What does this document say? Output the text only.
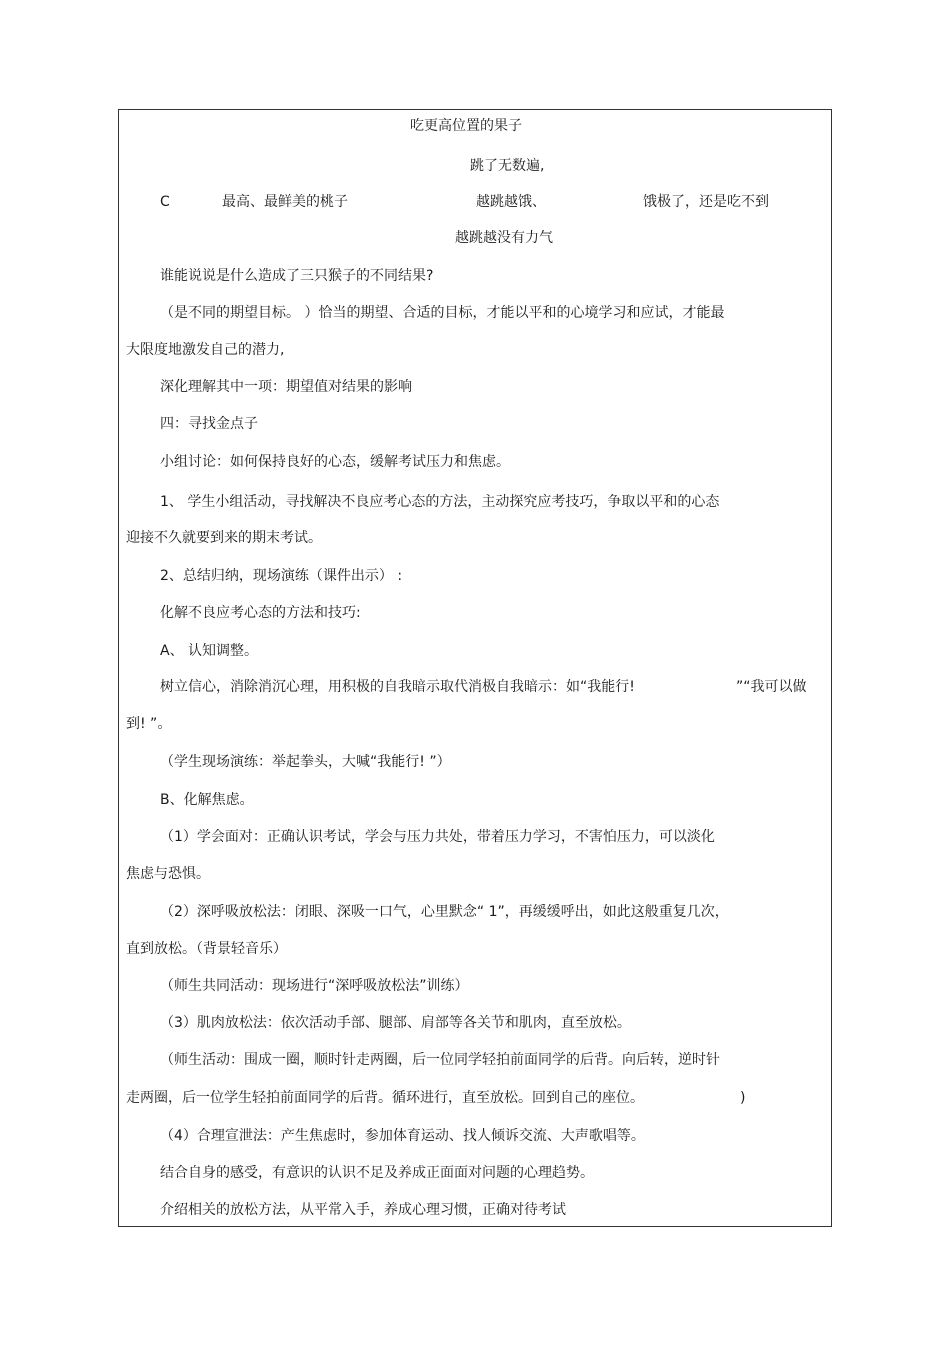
吃更高位置的果子
跳了无数遍,
C	最高、最鲜美的桃子	越跳越饿、	饿极了，还是吃不到
越跳越没有力气
谁能说说是什么造成了三只猴子的不同结果?
（是不同的期望目标。 ）恰当的期望、合适的目标，才能以平和的心境学习和应试，才能最
大限度地激发自己的潜力,
深化理解其中一项：期望值对结果的影响
四：寻找金点子
小组讨论：如何保持良好的心态，缓解考试压力和焦虑。
1、 学生小组活动，寻找解决不良应考心态的方法，主动探究应考技巧，争取以平和的心态
迎接不久就要到来的期末考试。
2、总结归纳，现场演练（课件出示） :
化解不良应考心态的方法和技巧:
A、 认知调整。
树立信心，消除消沉心理，用积极的自我暗示取代消极自我暗示：如“我能行!	”“我可以做
到! ”。
（学生现场演练：举起拳头，大喊“我能行! ”）
B、化解焦虑。
（1）学会面对：正确认识考试，学会与压力共处，带着压力学习，不害怕压力，可以淡化
焦虑与恐惧。
（2）深呼吸放松法：闭眼、深吸一口气，心里默念“ 1”，再缓缓呼出，如此这般重复几次，
直到放松。（背景轻音乐）
（师生共同活动：现场进行“深呼吸放松法”训练）
（3）肌肉放松法：依次活动手部、腿部、肩部等各关节和肌肉，直至放松。
（师生活动：围成一圈，顺时针走两圈，后一位同学轻拍前面同学的后背。向后转，逆时针
走两圈，后一位学生轻拍前面同学的后背。循环进行，直至放松。回到自己的座位。	)
（4）合理宣泄法：产生焦虑时，参加体育运动、找人倾诉交流、大声歌唱等。
结合自身的感受，有意识的认识不足及养成正面面对问题的心理趋势。
介绍相关的放松方法，从平常入手，养成心理习惯，正确对待考试
